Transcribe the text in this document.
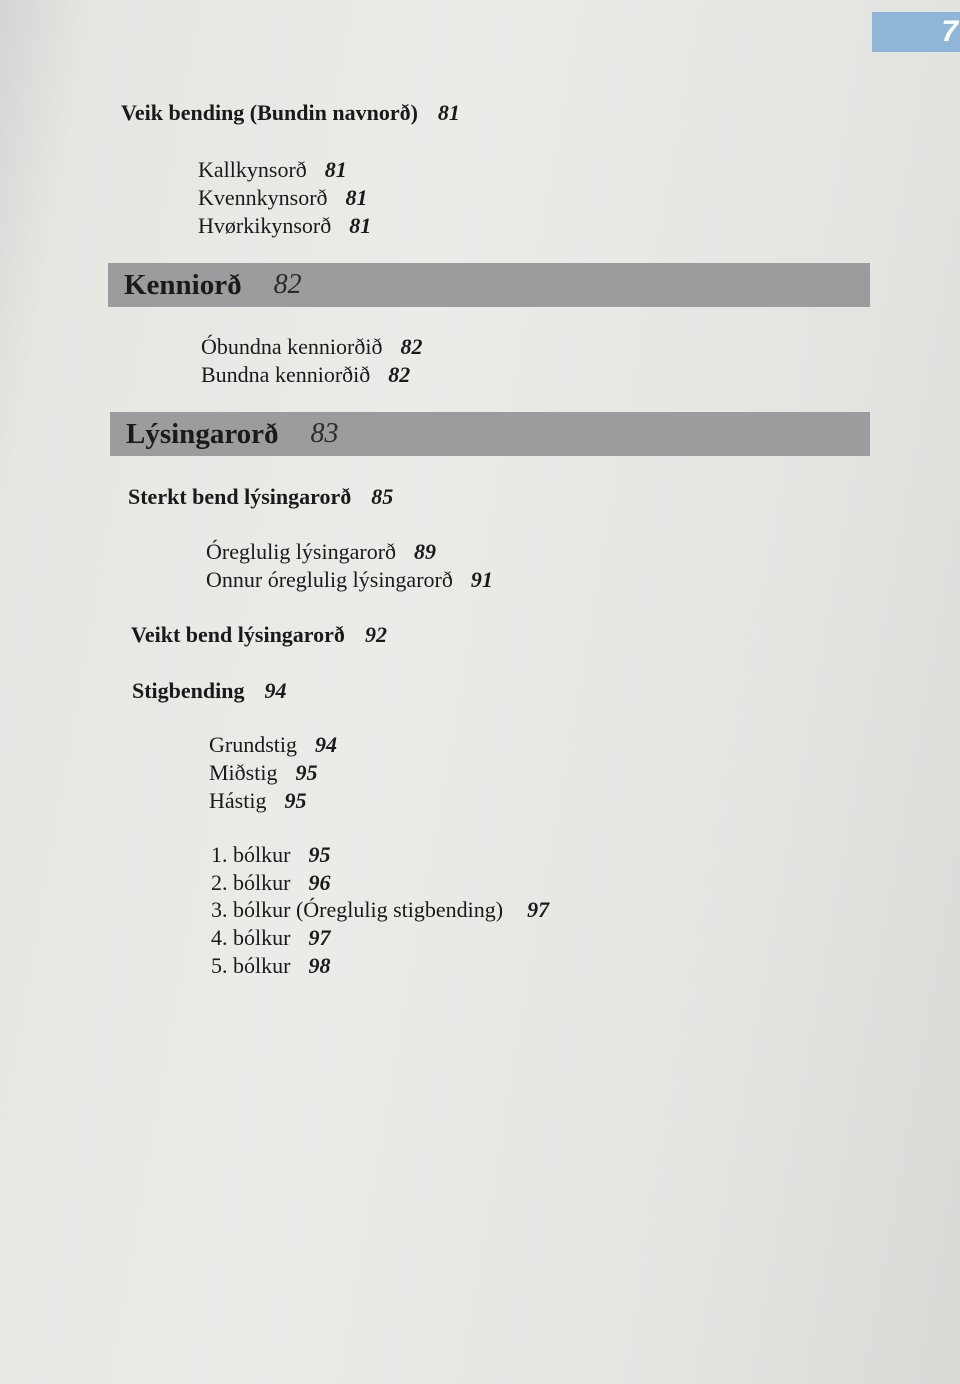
7
Veik bending (Bundin navnorð) 81
Kallkynsorð 81
Kvennkynsorð 81
Hvørkikynsorð 81
Kenniorð 82
Óbundna kenniorðið 82
Bundna kenniorðið 82
Lýsingarorð 83
Sterkt bend lýsingarorð 85
Óreglulig lýsingarorð 89
Onnur óreglulig lýsingarorð 91
Veikt bend lýsingarorð 92
Stigbending 94
Grundstig 94
Miðstig 95
Hástig 95
1. bólkur 95
2. bólkur 96
3. bólkur (Óreglulig stigbending) 97
4. bólkur 97
5. bólkur 98
